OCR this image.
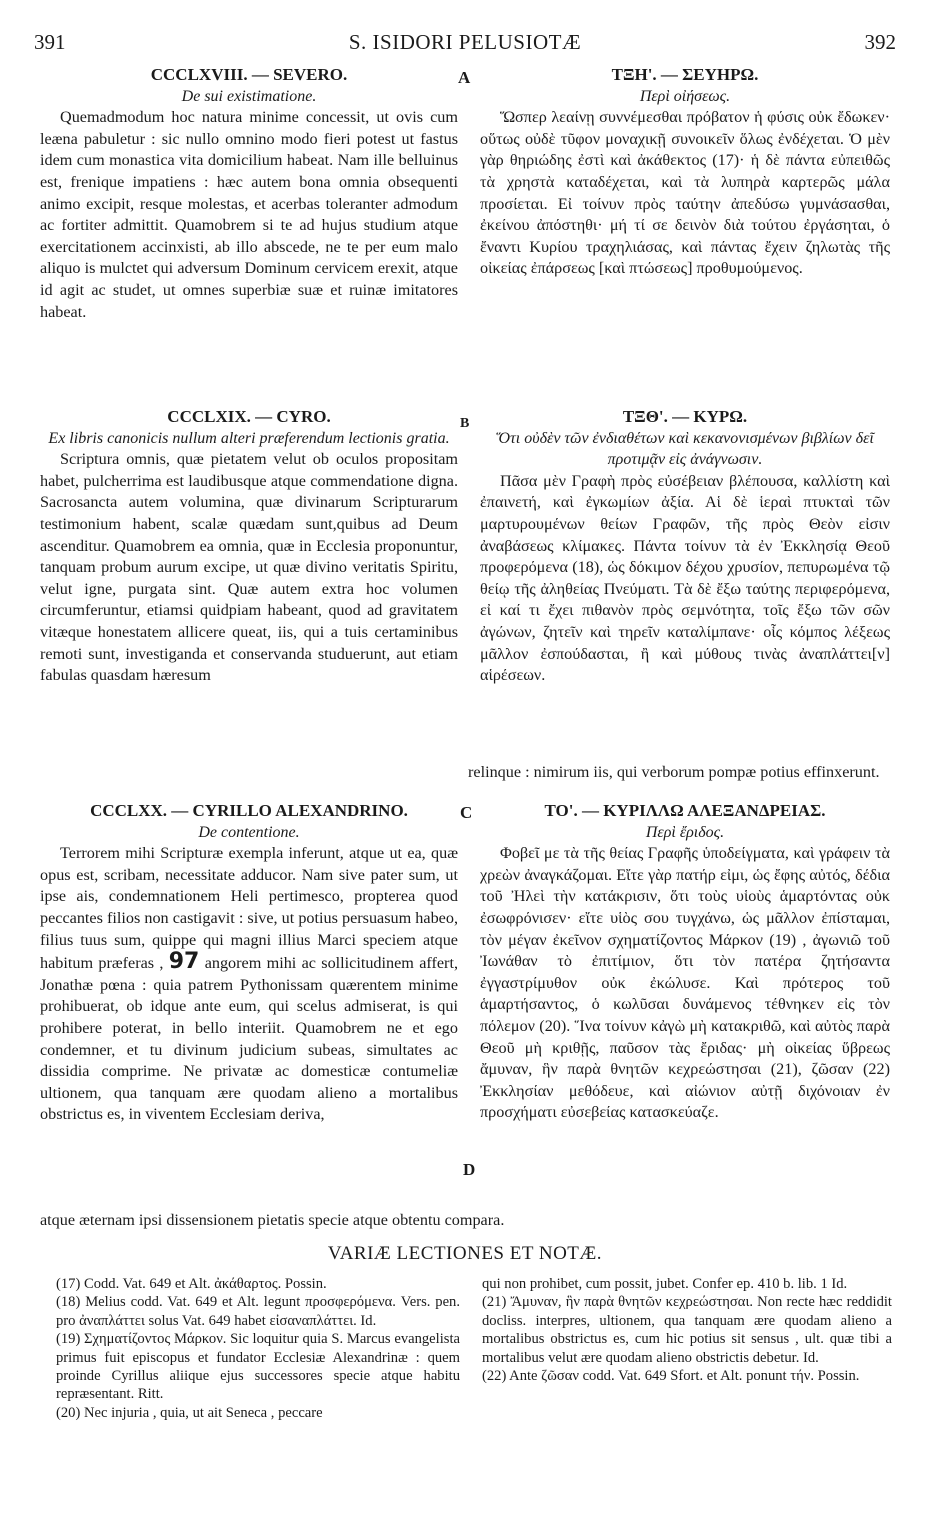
391	S. ISIDORI PELUSIOTÆ	392
A
B
C
D
CCCLXVIII. — SEVERO.
De sui existimatione.
Quemadmodum hoc natura minime concessit, ut ovis cum leæna pabuletur : sic nullo omnino modo fieri potest ut fastus idem cum monastica vita domicilium habeat. Nam ille belluinus est, frenique impatiens : hæc autem bona omnia obsequenti animo excipit, resque molestas, et acerbas toleranter admodum ac fortiter admittit. Quamobrem si te ad hujus studium atque exercitationem accinxisti, ab illo abscede, ne te per eum malo aliquo is mulctet qui adversum Dominum cervicem erexit, atque id agit ac studet, ut omnes superbiæ suæ et ruinæ imitatores habeat.
ΤΞΗ'. — ΣΕΥΗΡΩ.
Περὶ οἰήσεως.
Ὥσπερ λεαίνῃ συννέμεσθαι πρόβατον ἡ φύσις οὐκ ἔδωκεν· οὕτως οὐδὲ τῦφον μοναχικῇ συνοικεῖν ὅλως ἐνδέχεται. Ὁ μὲν γὰρ θηριώδης ἐστὶ καὶ ἀκάθεκτος (17)· ἡ δὲ πάντα εὐπειθῶς τὰ χρηστὰ καταδέχεται, καὶ τὰ λυπηρὰ καρτερῶς μάλα προσίεται. Εἰ τοίνυν πρὸς ταύτην ἀπεδύσω γυμνάσασθαι, ἐκείνου ἀπόστηθι· μή τί σε δεινὸν διὰ τούτου ἐργάσηται, ὁ ἔναντι Κυρίου τραχηλιάσας, καὶ πάντας ἔχειν ζηλωτὰς τῆς οἰκείας ἐπάρσεως [καὶ πτώσεως] προθυμούμενος.
CCCLXIX. — CYRO.
Ex libris canonicis nullum alteri præferendum lectionis gratia.
Scriptura omnis, quæ pietatem velut ob oculos propositam habet, pulcherrima est laudibusque atque commendatione digna. Sacrosancta autem volumina, quæ divinarum Scripturarum testimonium habent, scalæ quædam sunt,quibus ad Deum ascenditur. Quamobrem ea omnia, quæ in Ecclesia proponuntur, tanquam probum aurum excipe, ut quæ divino veritatis Spiritu, velut igne, purgata sint. Quæ autem extra hoc volumen circumferuntur, etiamsi quidpiam habeant, quod ad gravitatem vitæque honestatem allicere queat, iis, qui a tuis certaminibus remoti sunt, investiganda et conservanda studuerunt, aut etiam fabulas quasdam hæresum
ΤΞΘ'. — ΚΥΡΩ.
Ὅτι οὐδὲν τῶν ἐνδιαθέτων καὶ κεκανονισμένων βιβλίων δεῖ προτιμᾷν εἰς ἀνάγνωσιν.
Πᾶσα μὲν Γραφὴ πρὸς εὐσέβειαν βλέπουσα, καλλίστη καὶ ἐπαινετή, καὶ ἐγκωμίων ἀξία. Αἱ δὲ ἱεραὶ πτυκταὶ τῶν μαρτυρουμένων θείων Γραφῶν, τῆς πρὸς Θεὸν εἰσιν ἀναβάσεως κλίμακες. Πάντα τοίνυν τὰ ἐν Ἐκκλησίᾳ Θεοῦ προφερόμενα (18), ὡς δόκιμον δέχου χρυσίον, πεπυρωμένα τῷ θείῳ τῆς ἀληθείας Πνεύματι. Τὰ δὲ ἔξω ταύτης περιφερόμενα, εἰ καί τι ἔχει πιθανὸν πρὸς σεμνότητα, τοῖς ἔξω τῶν σῶν ἀγώνων, ζητεῖν καὶ τηρεῖν καταλίμπανε· οἷς κόμπος λέξεως μᾶλλον ἐσπούδασται, ἢ καὶ μύθους τινὰς ἀναπλάττει[ν] αἱρέσεων.
relinque : nimirum iis, qui verborum pompæ potius effinxerunt.
CCCLXX. — CYRILLO ALEXANDRINO.
De contentione.
Terrorem mihi Scripturæ exempla inferunt, atque ut ea, quæ opus est, scribam, necessitate adducor. Nam sive pater sum, ut ipse ais, condemnationem Heli pertimesco, propterea quod peccantes filios non castigavit : sive, ut potius persuasum habeo, filius tuus sum, quippe qui magni illius Marci speciem atque habitum præferas , 97 angorem mihi ac sollicitudinem affert, Jonathæ pœna : quia patrem Pythonissam quærentem minime prohibuerat, ob idque ante eum, qui scelus admiserat, is qui prohibere poterat, in bello interiit. Quamobrem ne et ego condemner, et tu divinum judicium subeas, simultates ac dissidia comprime. Ne privatæ ac domesticæ contumeliæ ultionem, qua tanquam ære quodam alieno a mortalibus obstrictus es, in viventem Ecclesiam deriva,
ΤΟ'. — ΚΥΡΙΛΛΩ ΑΛΕΞΑΝΔΡΕΙΑΣ.
Περὶ ἔριδος.
Φοβεῖ με τὰ τῆς θείας Γραφῆς ὑποδείγματα, καὶ γράφειν τὰ χρεὼν ἀναγκάζομαι. Εἴτε γὰρ πατήρ εἰμι, ὡς ἔφης αὐτός, δέδια τοῦ Ἠλεὶ τὴν κατάκρισιν, ὅτι τοὺς υἱοὺς ἁμαρτόντας οὐκ ἐσωφρόνισεν· εἴτε υἱὸς σου τυγχάνω, ὡς μᾶλλον ἐπίσταμαι, τὸν μέγαν ἐκεῖνον σχηματίζοντος Μάρκον (19) , ἀγωνιῶ τοῦ Ἰωνάθαν τὸ ἐπιτίμιον, ὅτι τὸν πατέρα ζητήσαντα ἐγγαστρίμυθον οὐκ ἐκώλυσε. Καὶ πρότερος τοῦ ἁμαρτήσαντος, ὁ κωλῦσαι δυνάμενος τέθνηκεν εἰς τὸν πόλεμον (20). Ἵνα τοίνυν κἀγὼ μὴ κατακριθῶ, καὶ αὐτὸς παρὰ Θεοῦ μὴ κριθῇς, παῦσον τὰς ἔριδας· μὴ οἰκείας ὕβρεως ἄμυναν, ἣν παρὰ θνητῶν κεχρεώστησαι (21), ζῶσαν (22) Ἐκκλησίαν μεθόδευε, καὶ αἰώνιον αὐτῇ διχόνοιαν ἐν προσχήματι εὐσεβείας κατασκεύαζε.
atque æternam ipsi dissensionem pietatis specie atque obtentu compara.
VARIÆ LECTIONES ET NOTÆ.
(17) Codd. Vat. 649 et Alt. ἀκάθαρτος. Possin.
(18) Melius codd. Vat. 649 et Alt. legunt προσφερόμενα. Vers. pen. pro ἀναπλάττει solus Vat. 649 habet εἰσαναπλάττει. Id.
(19) Σχηματίζοντος Μάρκον. Sic loquitur quia S. Marcus evangelista primus fuit episcopus et fundator Ecclesiæ Alexandrinæ : quem proinde Cyrillus aliique ejus successores specie atque habitu repræsentant. Ritt.
(20) Nec injuria , quia, ut ait Seneca , peccare
qui non prohibet, cum possit, jubet. Confer ep. 410 b. lib. 1 Id.
(21) Ἄμυναν, ἣν παρὰ θνητῶν κεχρεώστησαι. Non recte hæc reddidit docliss. interpres, ultionem, qua tanquam ære quodam alieno a mortalibus obstrictus es, cum hic potius sit sensus , ult. quæ tibi a mortalibus velut ære quodam alieno obstrictis debetur. Id.
(22) Ante ζῶσαν codd. Vat. 649 Sfort. et Alt. ponunt τήν. Possin.
